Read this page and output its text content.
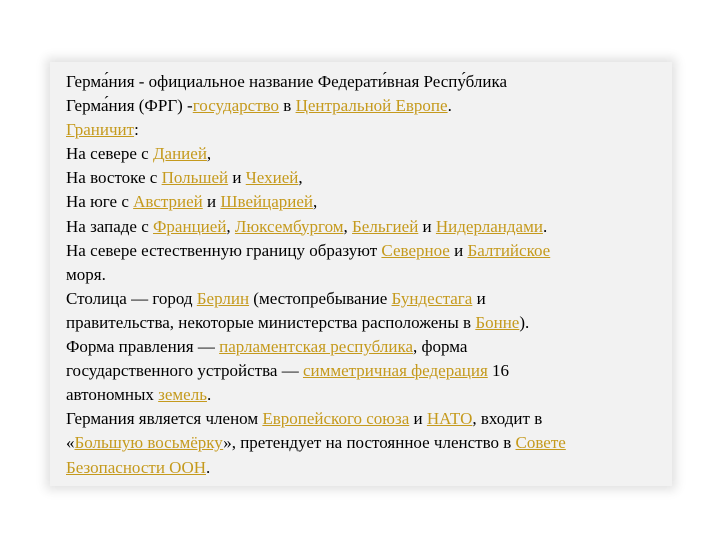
Герма́ния - официальное название Федерати́вная Респу́блика

Герма́ния (ФРГ) -государство в Центральной Европе.

Граничит:

На севере с Данией,

На востоке с Польшей и Чехией,

На юге с Австрией и Швейцарией,

На западе с Францией, Люксембургом, Бельгией и Нидерландами.

На севере естественную границу образуют Северное и Балтийское

моря.

Столица — город Берлин (местопребывание Бундестага и

правительства, некоторые министерства расположены в Бонне).

Форма правления — парламентская республика, форма

государственного устройства — симметричная федерация 16

автономных земель.

Германия является членом Европейского союза и НАТО, входит в

«Большую восьмёрку», претендует на постоянное членство в Совете

Безопасности ООН.
